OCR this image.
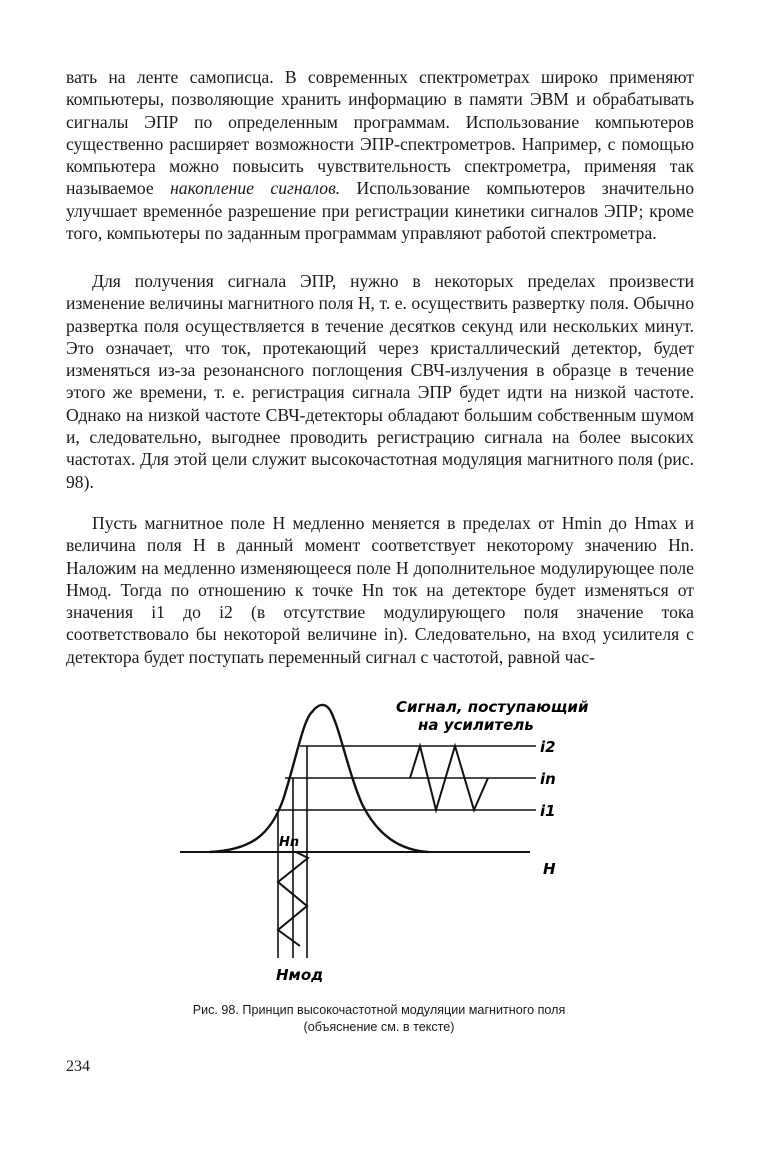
вать на ленте самописца. В современных спектрометрах широко применяют компьютеры, позволяющие хранить информацию в памяти ЭВМ и обрабатывать сигналы ЭПР по определенным программам. Использование компьютеров существенно расширяет возможности ЭПР-спектрометров. Например, с помощью компьютера можно повысить чувствительность спектрометра, применяя так называемое накопление сигналов. Использование компьютеров значительно улучшает временнóе разрешение при регистрации кинетики сигналов ЭПР; кроме того, компьютеры по заданным программам управляют работой спектрометра.

Для получения сигнала ЭПР, нужно в некоторых пределах произвести изменение величины магнитного поля H, т. е. осуществить развертку поля. Обычно развертка поля осуществляется в течение десятков секунд или нескольких минут. Это означает, что ток, протекающий через кристаллический детектор, будет изменяться из-за резонансного поглощения СВЧ-излучения в образце в течение этого же времени, т. е. регистрация сигнала ЭПР будет идти на низкой частоте. Однако на низкой частоте СВЧ-детекторы обладают большим собственным шумом и, следовательно, выгоднее проводить регистрацию сигнала на более высоких частотах. Для этой цели служит высокочастотная модуляция магнитного поля (рис. 98).

Пусть магнитное поле H медленно меняется в пределах от Hmin до Hmax и величина поля H в данный момент соответствует некоторому значению Hn. Наложим на медленно изменяющееся поле H дополнительное модулирующее поле Hмод. Тогда по отношению к точке Hn ток на детекторе будет изменяться от значения i1 до i2 (в отсутствие модулирующего поля значение тока соответствовало бы некоторой величине in). Следовательно, на вход усилителя с детектора будет поступать переменный сигнал с частотой, равной час-

Сигнал, поступающий
на усилитель
i2
in
i1
H
Hn
Hмод
Рис. 98. Принцип высокочастотной модуляции магнитного поля
(объяснение см. в тексте)
234
